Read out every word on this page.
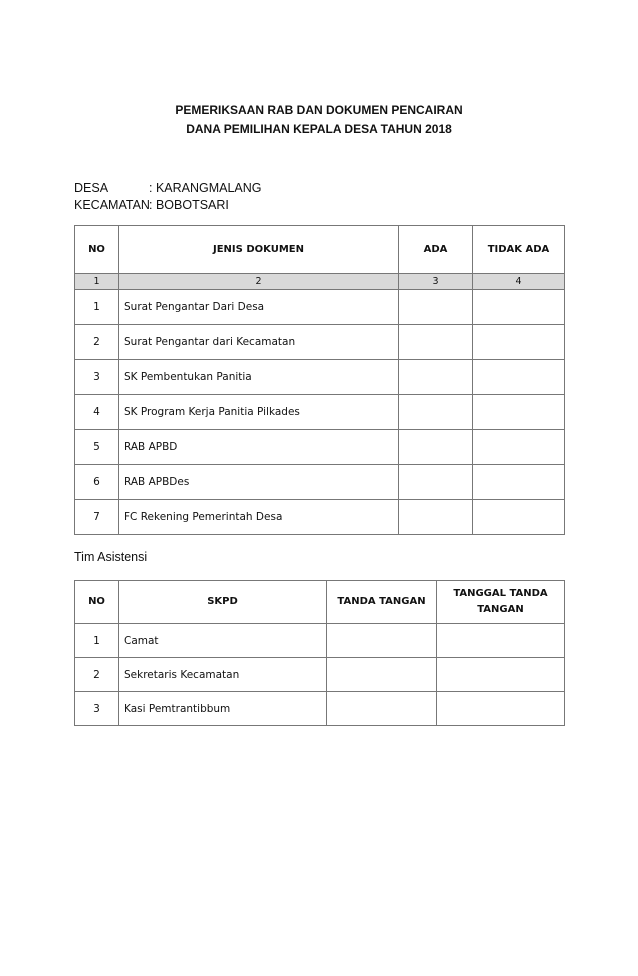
PEMERIKSAAN RAB DAN DOKUMEN PENCAIRAN
DANA PEMILIHAN KEPALA DESA TAHUN 2018
DESA	: KARANGMALANG
KECAMATAN : BOBOTSARI
NO	JENIS DOKUMEN	ADA	TIDAK ADA
1	2	3	4
1	Surat Pengantar Dari Desa		
2	Surat Pengantar dari Kecamatan		
3	SK Pembentukan Panitia		
4	SK Program Kerja Panitia Pilkades		
5	RAB APBD		
6	RAB APBDes		
7	FC Rekening Pemerintah Desa		
Tim Asistensi
NO	SKPD	TANDA TANGAN	TANGGAL TANDA TANGAN
1	Camat		
2	Sekretaris Kecamatan		
3	Kasi Pemtrantibbum		
